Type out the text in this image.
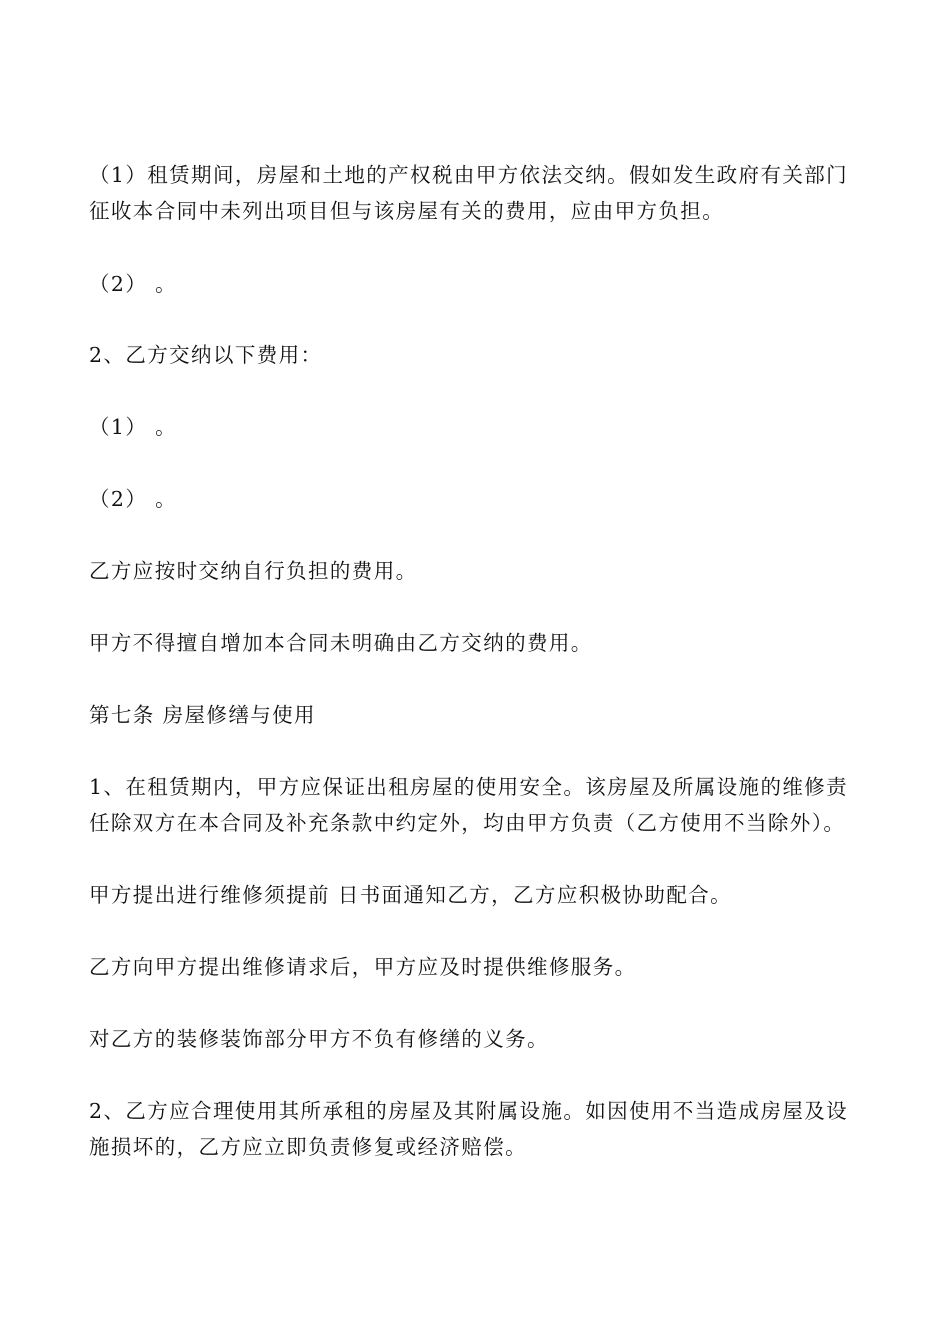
（1）租赁期间，房屋和土地的产权税由甲方依法交纳。假如发生政府有关部门
征收本合同中未列出项目但与该房屋有关的费用，应由甲方负担。

（2） 。

2、乙方交纳以下费用：

（1） 。

（2） 。

乙方应按时交纳自行负担的费用。

甲方不得擅自增加本合同未明确由乙方交纳的费用。

第七条 房屋修缮与使用

1、在租赁期内，甲方应保证出租房屋的使用安全。该房屋及所属设施的维修责
任除双方在本合同及补充条款中约定外，均由甲方负责（乙方使用不当除外）。

甲方提出进行维修须提前 日书面通知乙方，乙方应积极协助配合。

乙方向甲方提出维修请求后，甲方应及时提供维修服务。

对乙方的装修装饰部分甲方不负有修缮的义务。

2、乙方应合理使用其所承租的房屋及其附属设施。如因使用不当造成房屋及设
施损坏的，乙方应立即负责修复或经济赔偿。
